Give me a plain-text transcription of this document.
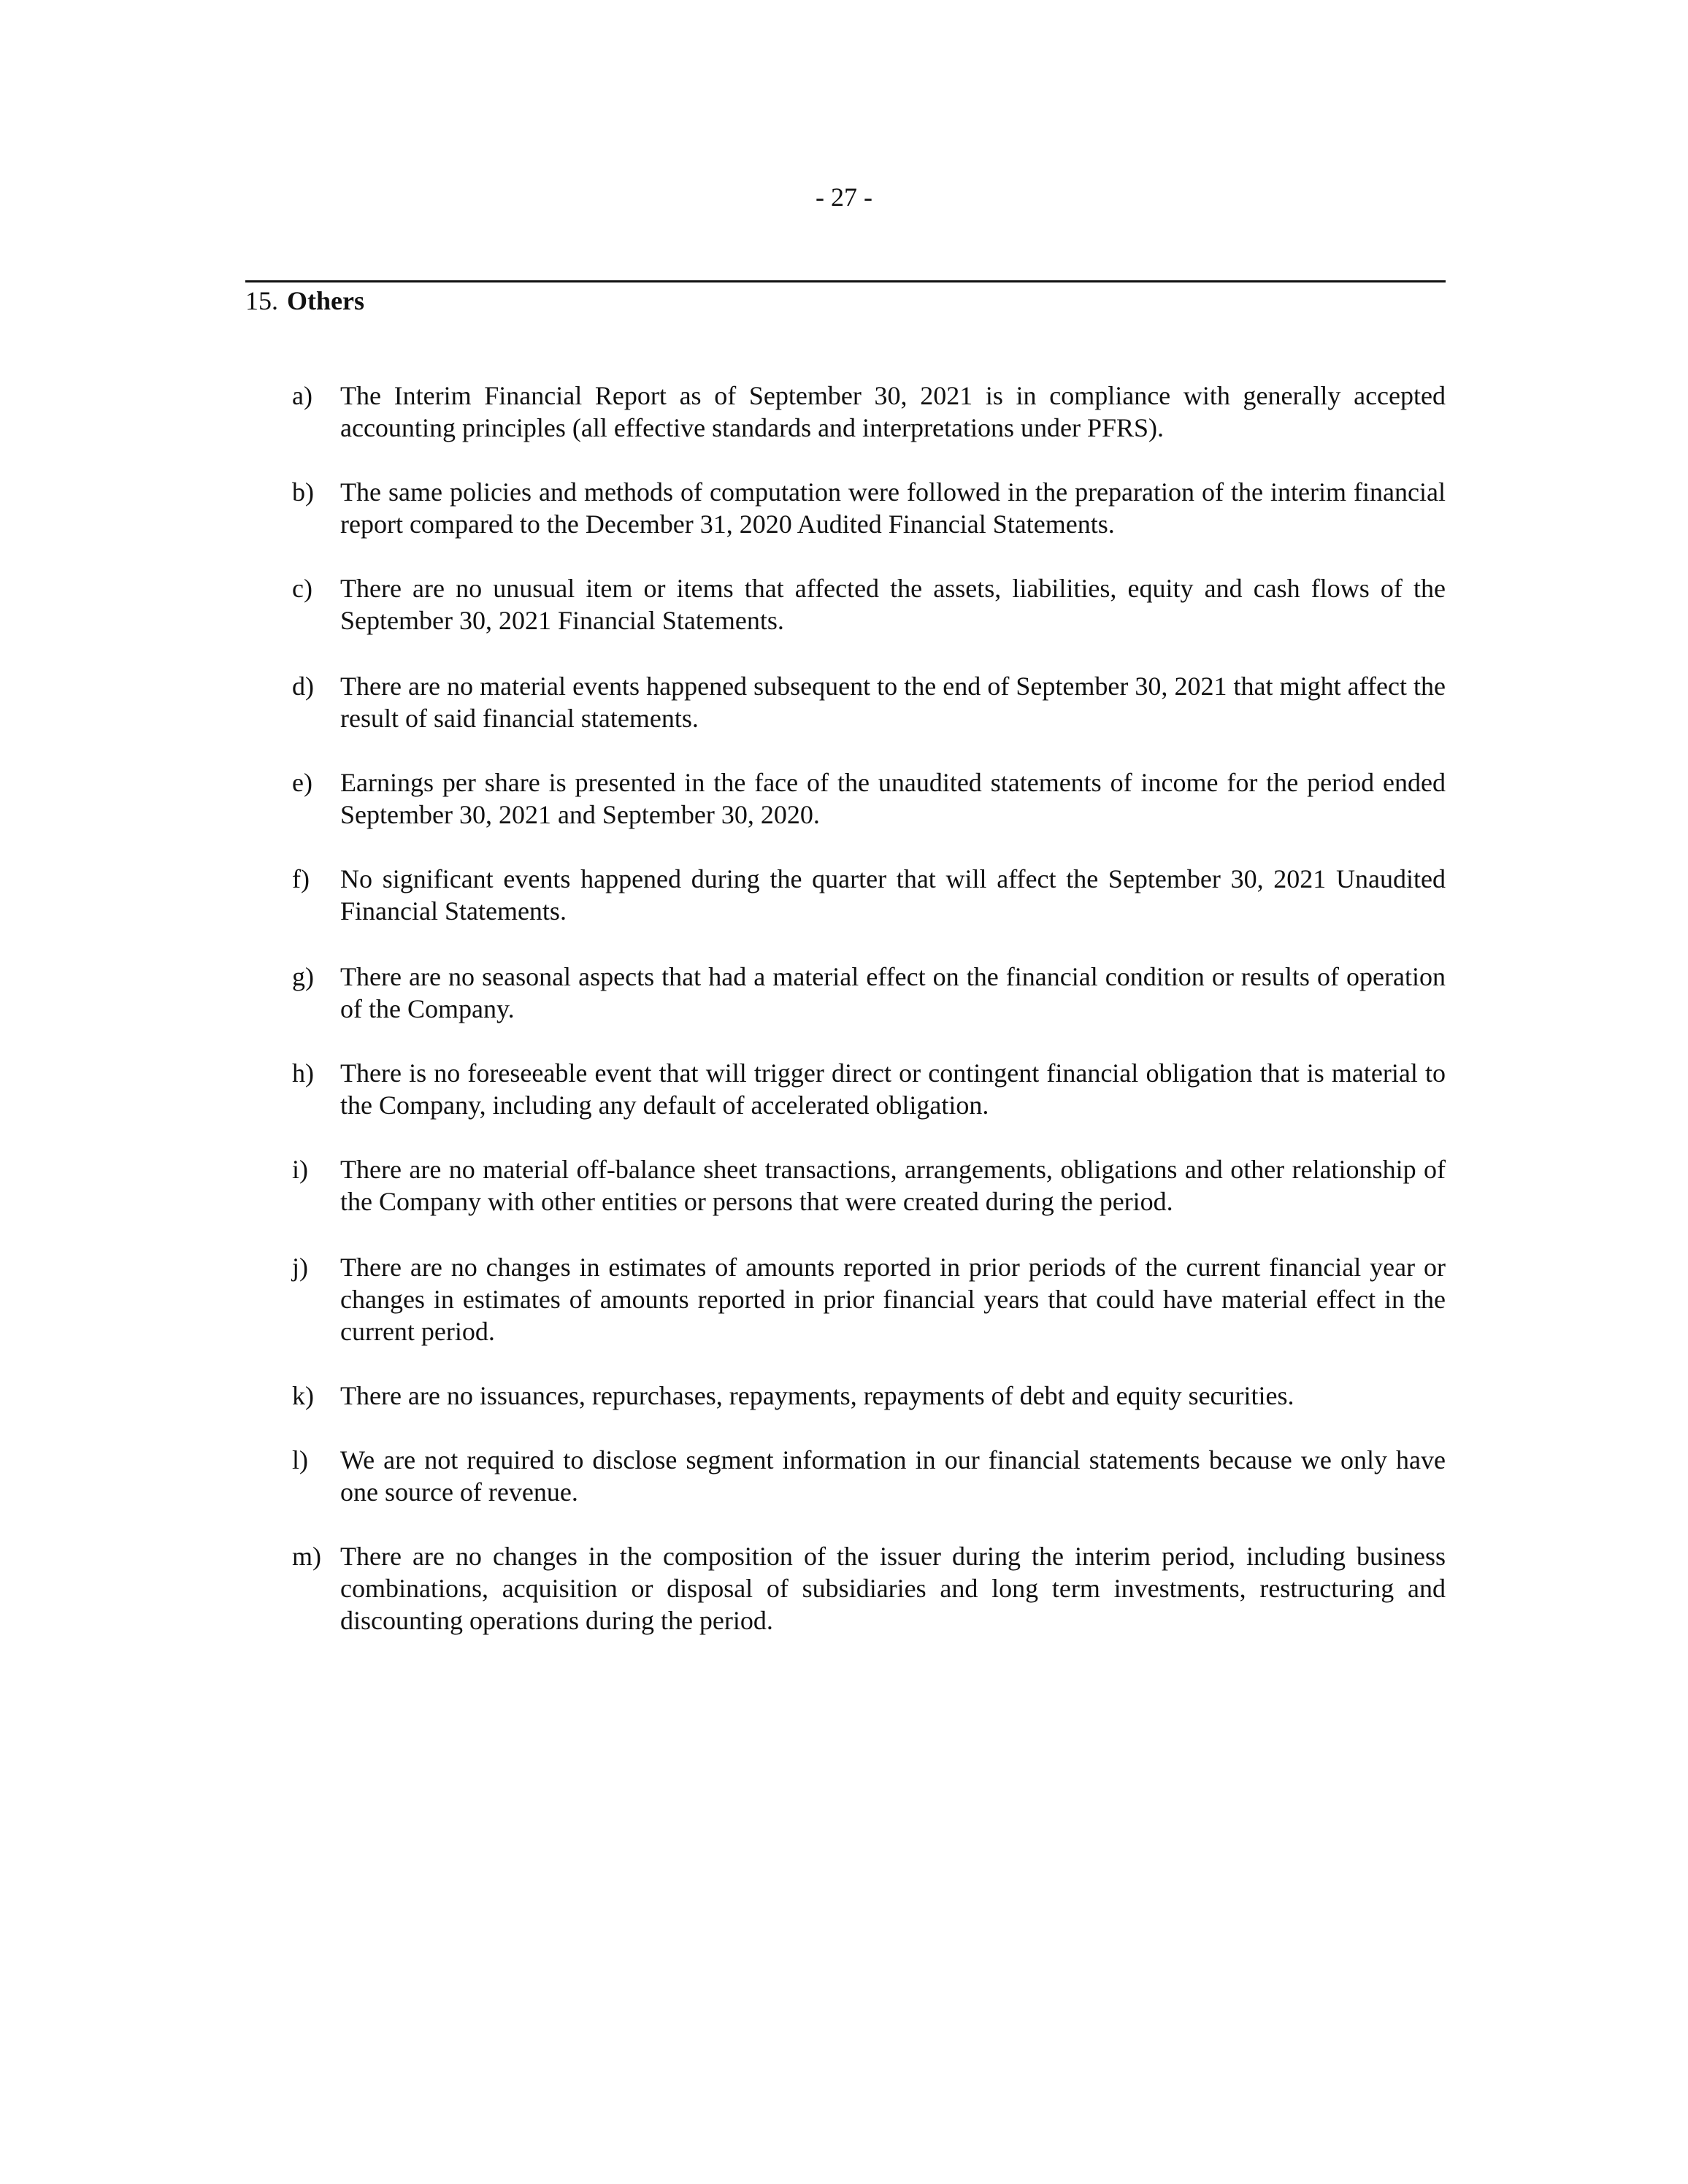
- 27 -
15. Others
a)	The Interim Financial Report as of September 30, 2021 is in compliance with generally accepted accounting principles (all effective standards and interpretations under PFRS).
b)	The same policies and methods of computation were followed in the preparation of the interim financial report compared to the December 31, 2020 Audited Financial Statements.
c)	There are no unusual item or items that affected the assets, liabilities, equity and cash flows of the September 30, 2021 Financial Statements.
d)	There are no material events happened subsequent to the end of September 30, 2021 that might affect the result of said financial statements.
e)	Earnings per share is presented in the face of the unaudited statements of income for the period ended September 30, 2021 and September 30, 2020.
f)	No significant events happened during the quarter that will affect the September 30, 2021 Unaudited Financial Statements.
g)	There are no seasonal aspects that had a material effect on the financial condition or results of operation of the Company.
h)	There is no foreseeable event that will trigger direct or contingent financial obligation that is material to the Company, including any default of accelerated obligation.
i)	There are no material off-balance sheet transactions, arrangements, obligations and other relationship of the Company with other entities or persons that were created during the period.
j)	There are no changes in estimates of amounts reported in prior periods of the current financial year or changes in estimates of amounts reported in prior financial years that could have material effect in the current period.
k)	There are no issuances, repurchases, repayments, repayments of debt and equity securities.
l)	We are not required to disclose segment information in our financial statements because we only have one source of revenue.
m) There are no changes in the composition of the issuer during the interim period, including business combinations, acquisition or disposal of subsidiaries and long term investments, restructuring and discounting operations during the period.
